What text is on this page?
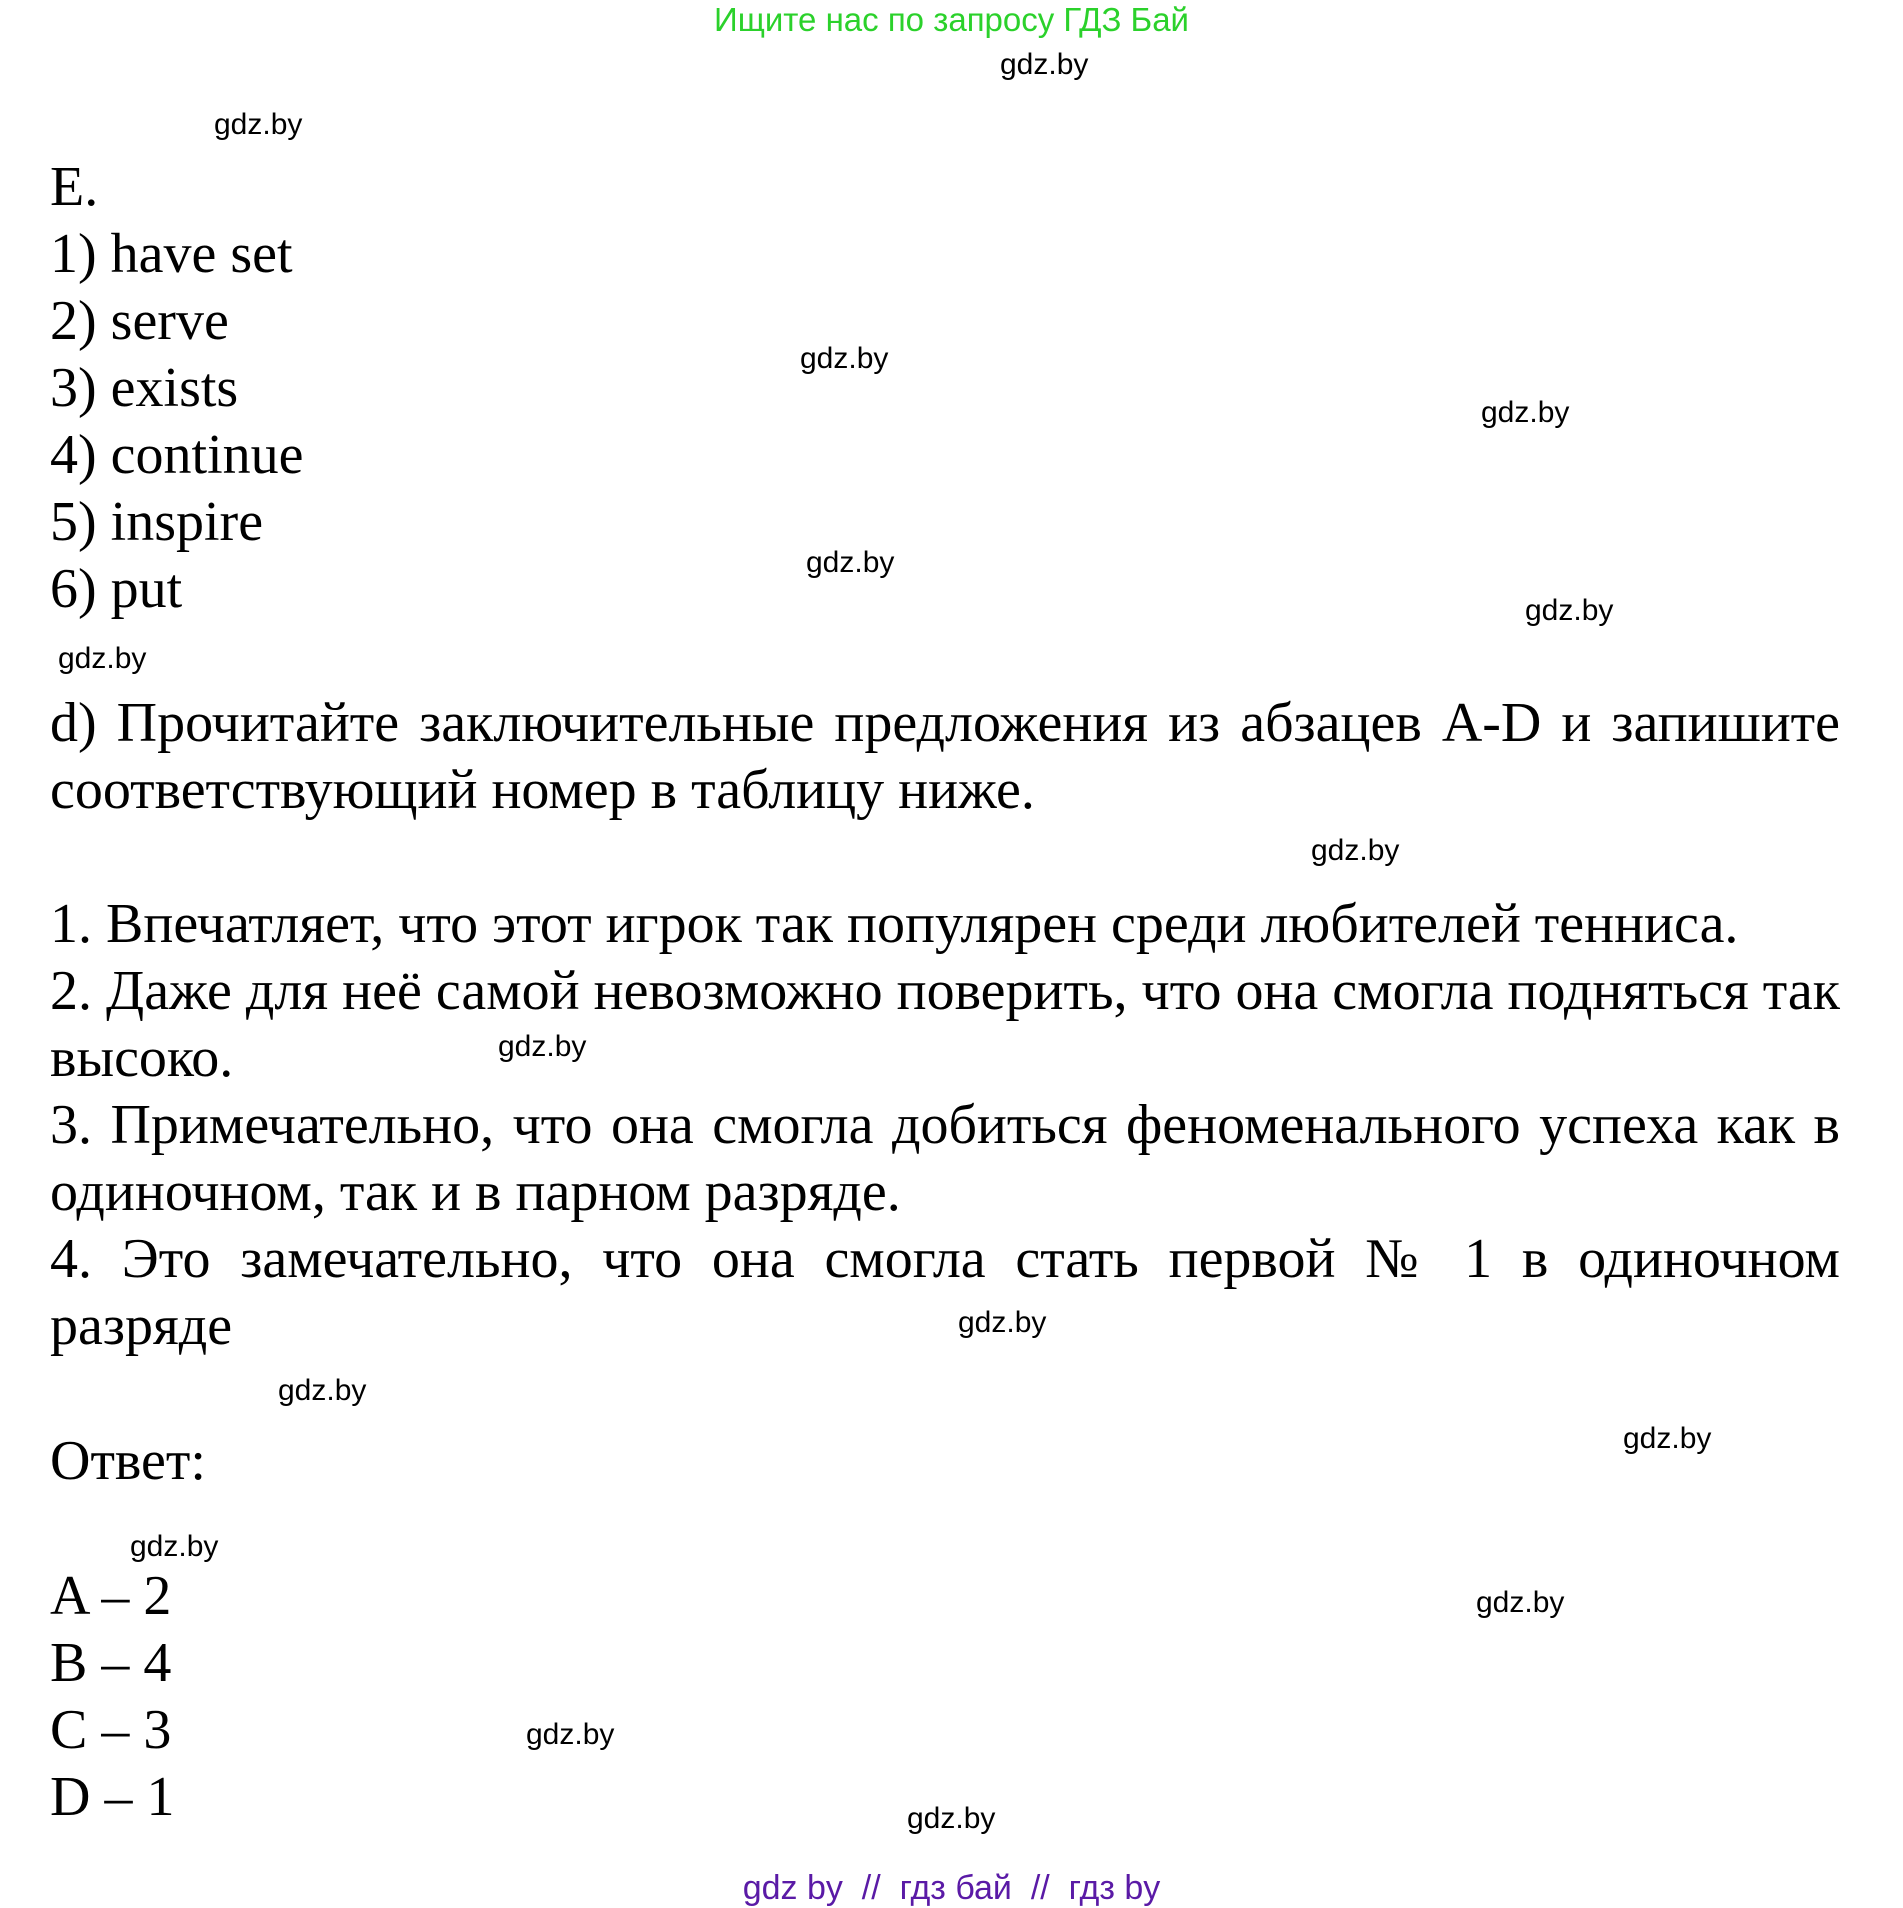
Ищите нас по запросу ГДЗ Бай
gdz.by
gdz.by
gdz.by
gdz.by
gdz.by
gdz.by
gdz.by
gdz.by
gdz.by
gdz.by
gdz.by
gdz.by
gdz.by
gdz.by
gdz.by
gdz.by
E.
1) have set
2) serve
3) exists
4) continue
5) inspire
6) put
d) Прочитайте заключительные предложения из абзацев A-D и запишите соответствующий номер в таблицу ниже.
1. Впечатляет, что этот игрок так популярен среди любителей тенниса.
2. Даже для неё самой невозможно поверить, что она смогла подняться так высоко.
3. Примечательно, что она смогла добиться феноменального успеха как в одиночном, так и в парном разряде.
4. Это замечательно, что она смогла стать первой № 1 в одиночном разряде
Ответ:
A – 2
B – 4
C – 3
D – 1
gdz by  //  гдз бай  //  гдз by
